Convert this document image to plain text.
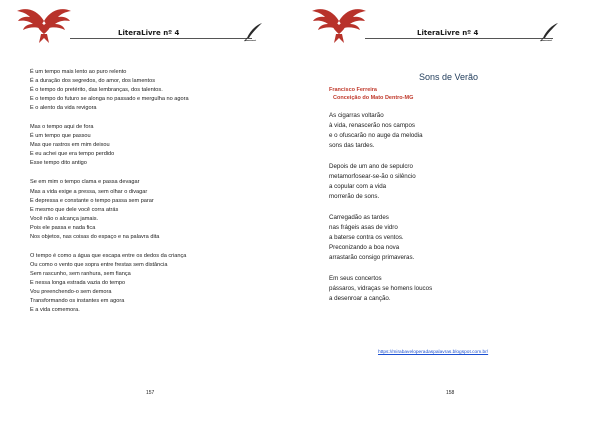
LiteraLivre nº 4
É um tempo mais lento ao puro relento
É a duração dos segredos, do amor, dos lamentos
É o tempo do pretérito, das lembranças, dos talentos.
E o tempo do futuro se alonga no passado e mergulha no agora
E o alento da vida revigora
Mas o tempo aqui de fora
É um tempo que passou
Mas que rastros em mim deixou
E eu achei que era tempo perdido
Esse tempo dito antigo
Se em mim o tempo clama e passa devagar
Mas a vida exige a pressa, sem olhar o divagar
E depressa e constante o tempo passa sem parar
E mesmo que dele você corra atrás
Você não o alcança jamais.
Pois ele passa e nada fica
Nos objetos, nas coisas do espaço e na palavra dita
O tempo é como a água que escapa entre os dedos da criança
Ou como o vento que sopra entre frestas sem distância
Sem rascunho, sem ranhura, sem fiança
E nessa longa estrada vazia do tempo
Vou preenchendo-o sem demora
Transformando os instantes em agora
E a vida comemora.
157
LiteraLivre nº 4
Sons de Verão
Francisco Ferreira
Conceição do Mato Dentro-MG
As cigarras voltarão
à vida, renascerão nos campos
e o ofuscarão no auge da melodia
sons das tardes.
Depois de um ano de sepulcro
metamorfosear-se-ão o silêncio
a copular com a vida
morrerão de sons.
Carregadão as tardes
nas frágeis asas de vidro
a baterse contra os ventos.
Preconizando a boa nova
arrastarão consigo primaveras.
Em seus concertos
pássaros, vidraças se homens loucos
a desenroar a canção.
https://mirabaveloperadaspalavras.blogspot.com.br/
158
